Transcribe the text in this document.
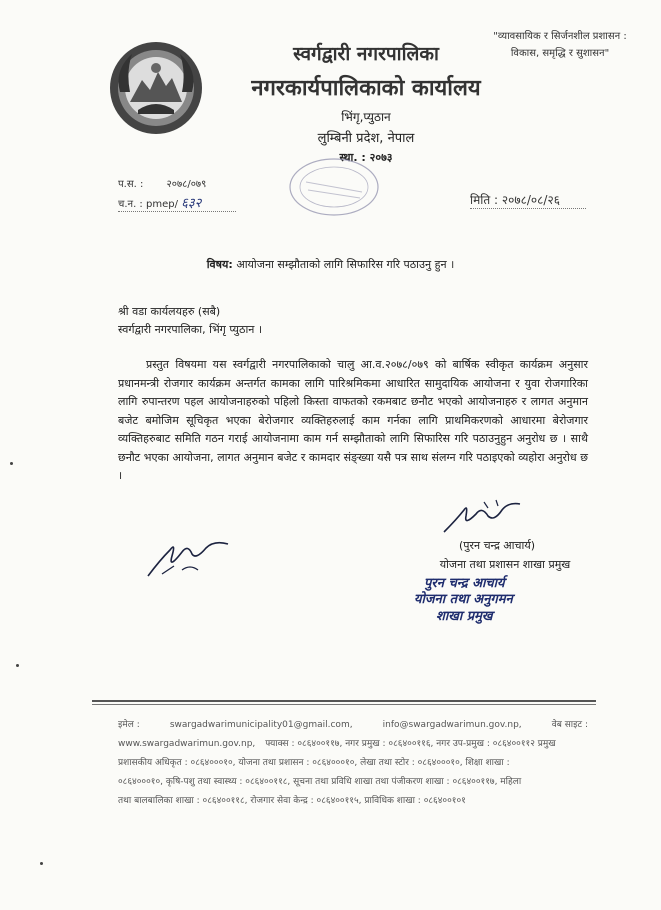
"व्यावसायिक र सिर्जनशील प्रशासन :
विकास, समृद्धि र सुशासन"
स्वर्गद्वारी नगरपालिका
नगरकार्यपालिकाको कार्यालय
भिंगृ,प्युठान
लुम्बिनी प्रदेश, नेपाल
स्था. : २०७३
प.स. : २०७८/०७९
च.न. : pmep/ ६३२	मिति : २०७८/०८/२६
विषय: आयोजना सम्झौताको लागि सिफारिस गरि पठाउनु हुन ।
श्री वडा कार्यलयहरु (सबै)
स्वर्गद्वारी नगरपालिका, भिंगृ प्युठान ।
प्रस्तुत विषयमा यस स्वर्गद्वारी नगरपालिकाको चालु आ.व.२०७८/०७९ को बार्षिक स्वीकृत कार्यक्रम अनुसार प्रधानमन्त्री रोजगार कार्यक्रम अन्तर्गत कामका लागि पारिश्रमिकमा आधारित सामुदायिक आयोजना र युवा रोजगारिका लागि रुपान्तरण पहल आयोजनाहरुको पहिलो किस्ता वाफतको रकमबाट छनौट भएको आयोजनाहरु र लागत अनुमान बजेट बमोजिम सूचिकृत भएका बेरोजगार व्यक्तिहरुलाई काम गर्नका लागि प्राथमिकरणको आधारमा बेरोजगार व्यक्तिहरुबाट समिति गठन गराई आयोजनामा काम गर्न सम्झौताको लागि सिफारिस गरि पठाउनुहुन अनुरोध छ । साथै छनौट भएका आयोजना, लागत अनुमान बजेट र कामदार संङ्ख्या यसै पत्र साथ संलग्न गरि पठाइएको व्यहोरा अनुरोध छ ।
(पुरन चन्द्र आचार्य)
योजना तथा प्रशासन शाखा प्रमुख
पुरन चन्द्र आचार्य
योजना तथा अनुगमन
शाखा प्रमुख
इमेल :	swargadwarimunicipality01@gmail.com,	info@swargadwarimun.gov.np,	वेब साइट :
www.swargadwarimun.gov.np, फ्याक्स : ०८६४००११७, नगर प्रमुख : ०८६४००११६, नगर उप-प्रमुख : ०८६४००११२ प्रमुख
प्रशासकीय अधिकृत : ०८६४०००१०, योजना तथा प्रशासन : ०८६४०००१०, लेखा तथा स्टोर : ०८६४०००१०, शिक्षा शाखा :
०८६४०००१०, कृषि-पशु तथा स्वास्थ्य : ०८६४००११८, सूचना तथा प्रविधि शाखा तथा पंजीकरण शाखा : ०८६४००११७, महिला
तथा बालबालिका शाखा : ०८६४००११८, रोजगार सेवा केन्द्र : ०८६४००११५, प्राविधिक शाखा : ०८६४००१०१
